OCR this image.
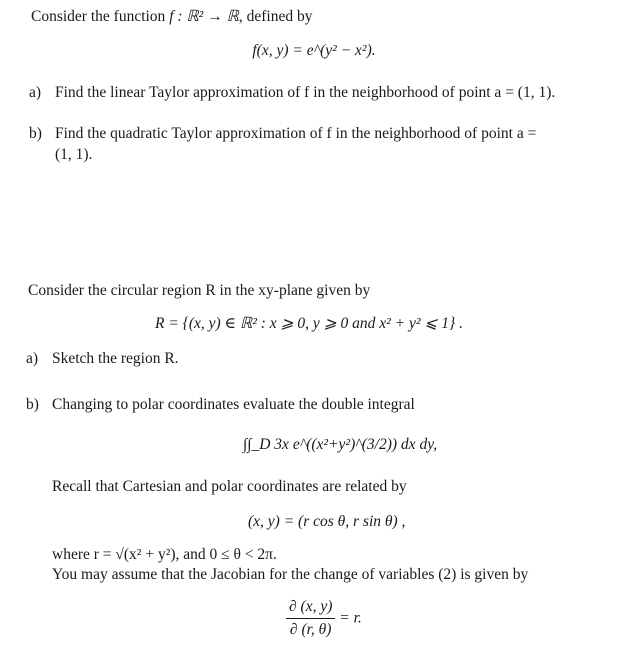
Consider the function f : ℝ² → ℝ, defined by
f(x, y) = e^(y² − x²).
a) Find the linear Taylor approximation of f in the neighborhood of point a = (1, 1).
b) Find the quadratic Taylor approximation of f in the neighborhood of point a =
(1, 1).
Consider the circular region R in the xy-plane given by
R = {(x, y) ∈ ℝ² : x ⩾ 0, y ⩾ 0 and x² + y² ⩽ 1} .
a) Sketch the region R.
b) Changing to polar coordinates evaluate the double integral
∫∫_D 3x e^((x²+y²)^(3/2)) dx dy,
Recall that Cartesian and polar coordinates are related by
(x, y) = (r cos θ, r sin θ) ,
where r = √(x² + y²), and 0 ≤ θ < 2π.
You may assume that the Jacobian for the change of variables (2) is given by
$\frac{\partial (x, y)}{\partial (r, \theta)} = r$.
